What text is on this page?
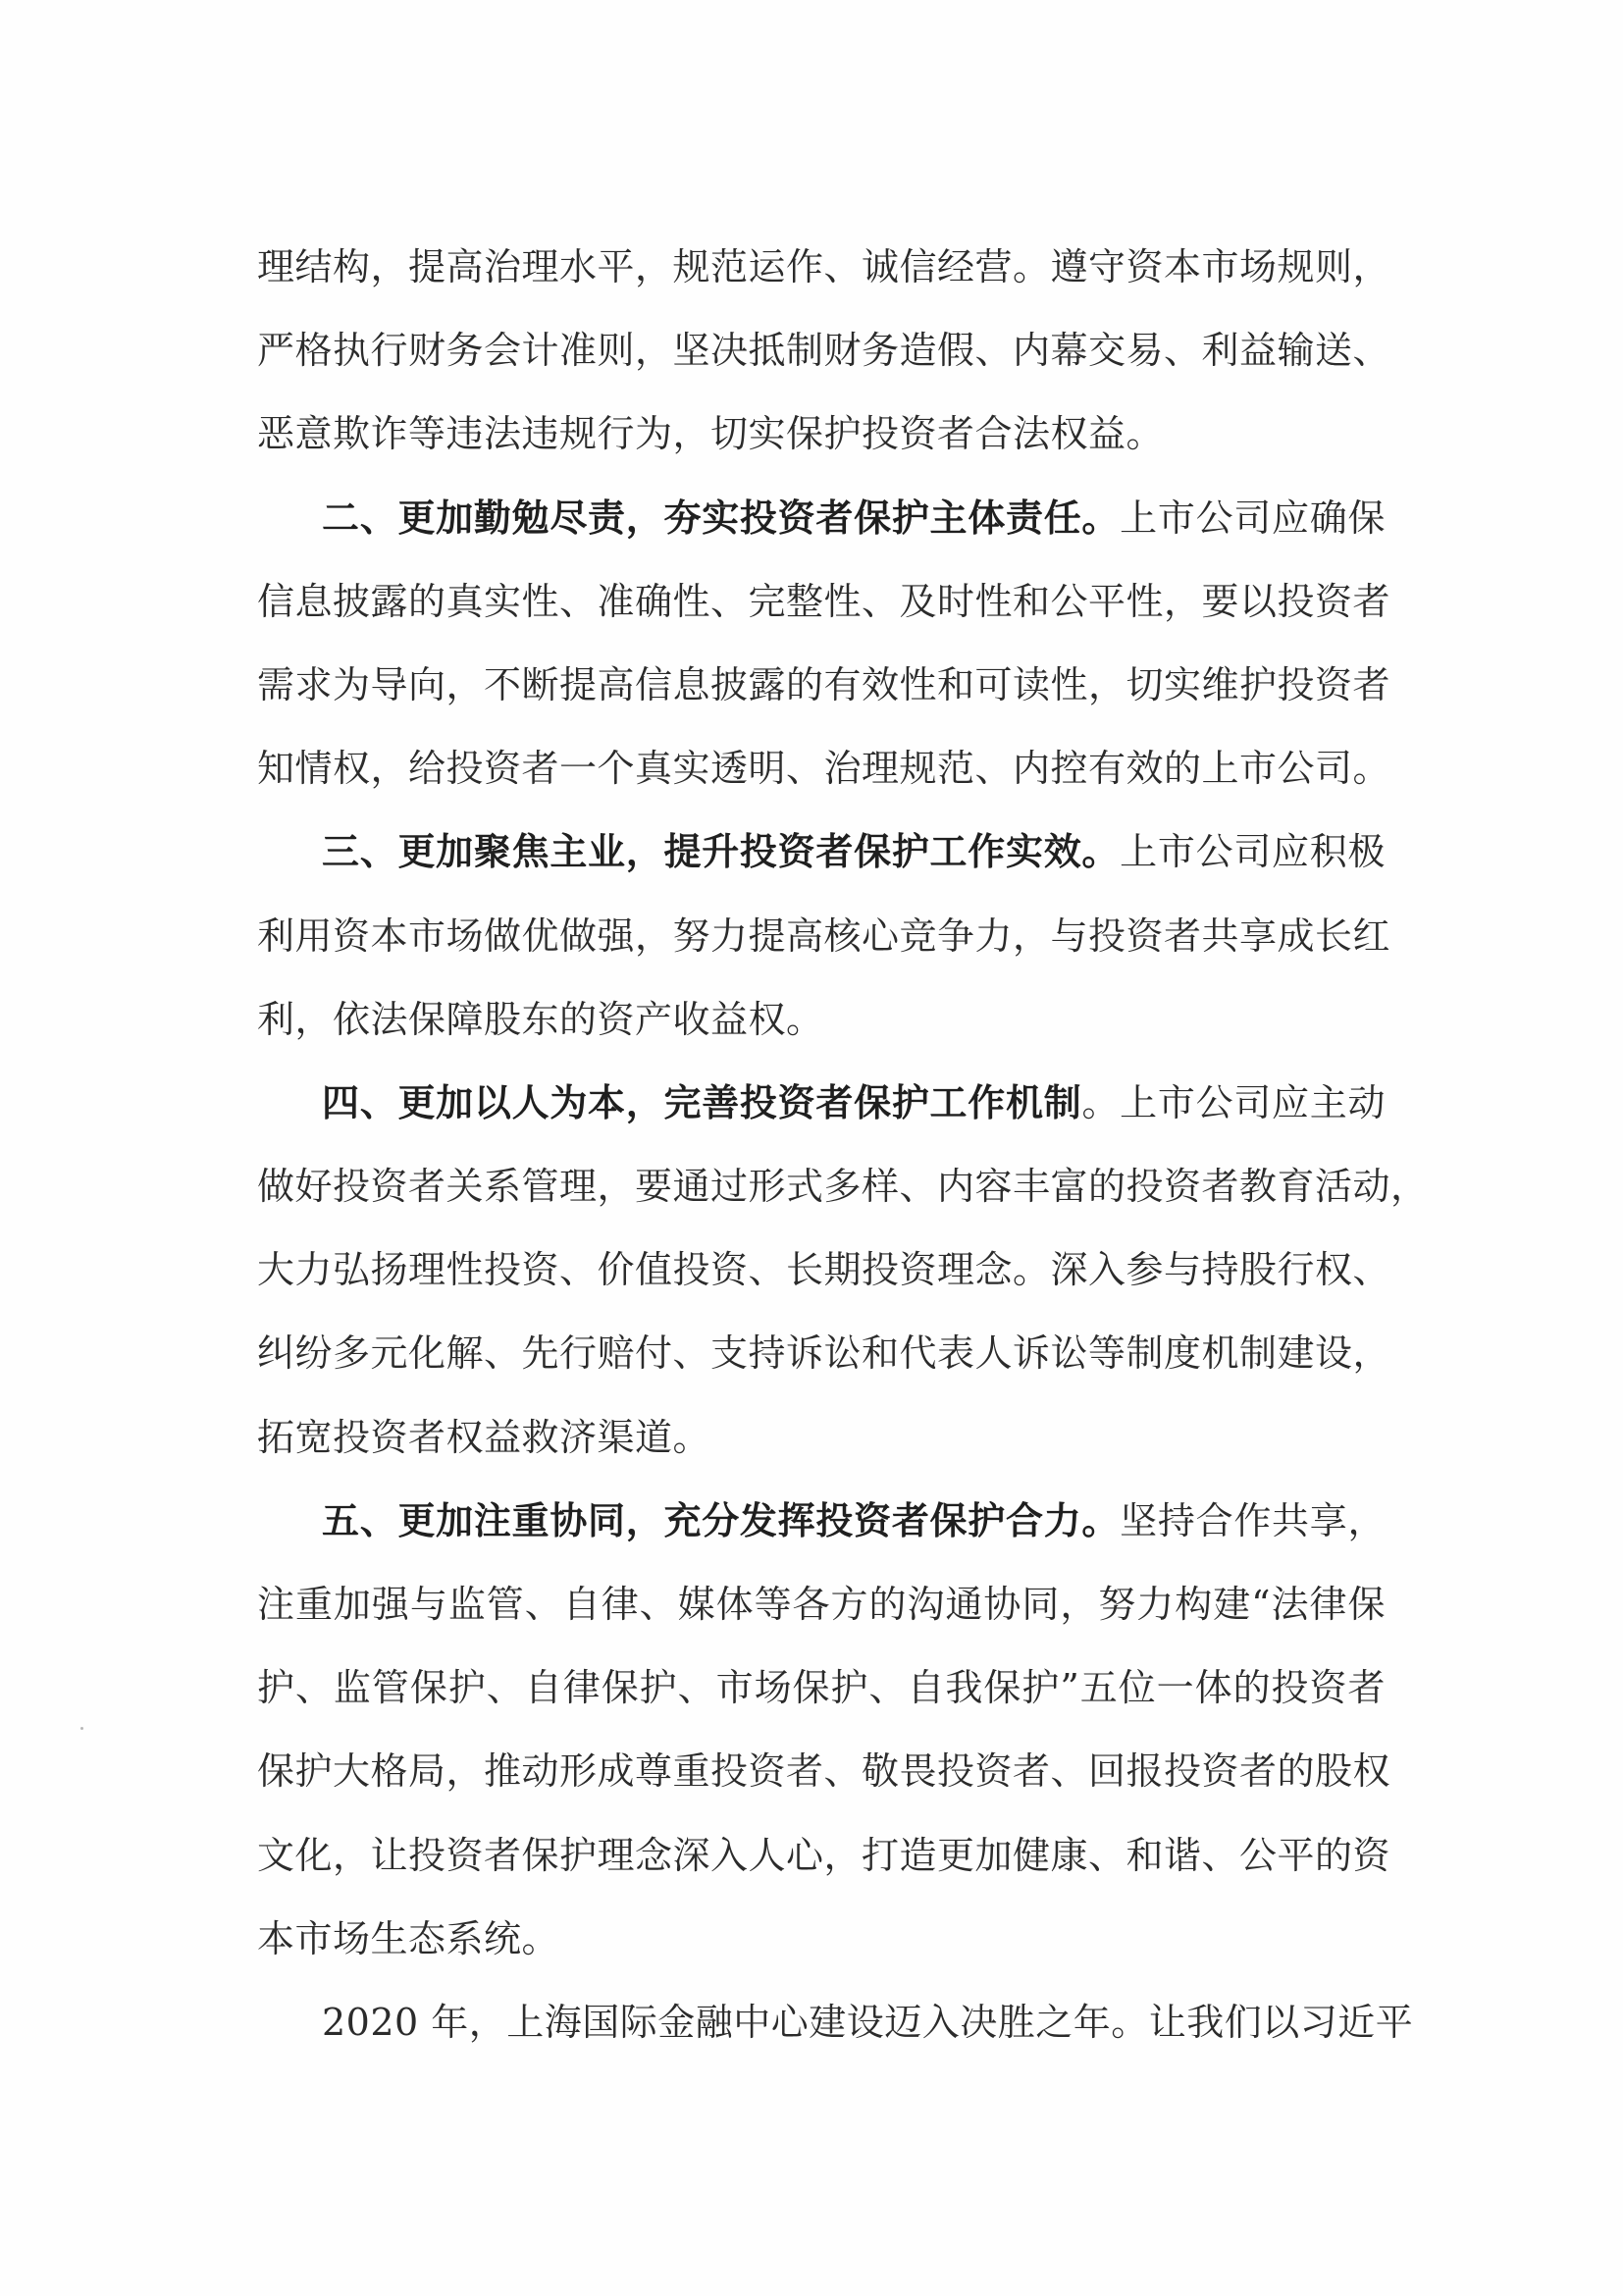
理结构，提高治理水平，规范运作、诚信经营。遵守资本市场规则，
严格执行财务会计准则，坚决抵制财务造假、内幕交易、利益输送、
恶意欺诈等违法违规行为，切实保护投资者合法权益。
二、更加勤勉尽责，夯实投资者保护主体责任。上市公司应确保
信息披露的真实性、准确性、完整性、及时性和公平性，要以投资者
需求为导向，不断提高信息披露的有效性和可读性，切实维护投资者
知情权，给投资者一个真实透明、治理规范、内控有效的上市公司。
三、更加聚焦主业，提升投资者保护工作实效。上市公司应积极
利用资本市场做优做强，努力提高核心竞争力，与投资者共享成长红
利，依法保障股东的资产收益权。
四、更加以人为本，完善投资者保护工作机制。上市公司应主动
做好投资者关系管理，要通过形式多样、内容丰富的投资者教育活动，
大力弘扬理性投资、价值投资、长期投资理念。深入参与持股行权、
纠纷多元化解、先行赔付、支持诉讼和代表人诉讼等制度机制建设，
拓宽投资者权益救济渠道。
五、更加注重协同，充分发挥投资者保护合力。坚持合作共享，
注重加强与监管、自律、媒体等各方的沟通协同，努力构建“法律保
护、监管保护、自律保护、市场保护、自我保护”五位一体的投资者
保护大格局，推动形成尊重投资者、敬畏投资者、回报投资者的股权
文化，让投资者保护理念深入人心，打造更加健康、和谐、公平的资
本市场生态系统。
2020 年，上海国际金融中心建设迈入决胜之年。让我们以习近平
